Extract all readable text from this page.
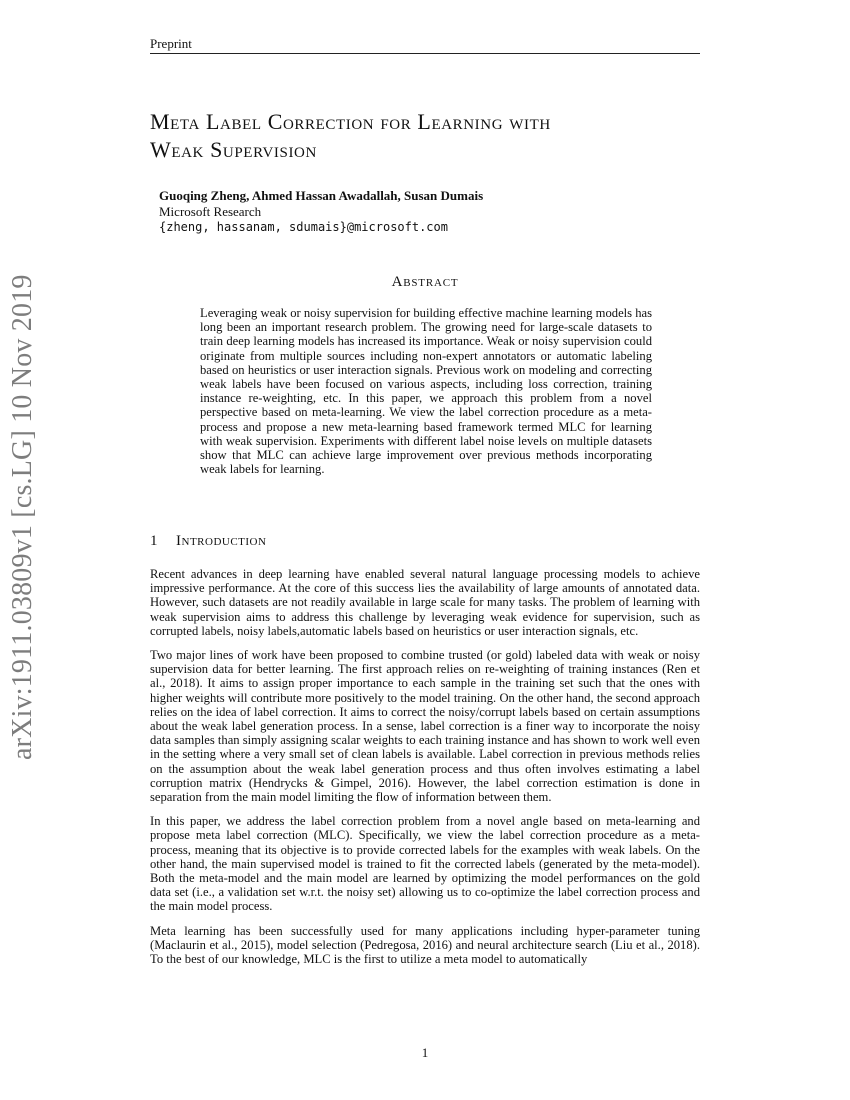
Preprint
arXiv:1911.03809v1 [cs.LG] 10 Nov 2019
Meta Label Correction for Learning with
Weak Supervision
Guoqing Zheng, Ahmed Hassan Awadallah, Susan Dumais
Microsoft Research
{zheng, hassanam, sdumais}@microsoft.com
Abstract

Leveraging weak or noisy supervision for building effective machine learning models has long been an important research problem. The growing need for large-scale datasets to train deep learning models has increased its importance. Weak or noisy supervision could originate from multiple sources including non-expert annotators or automatic labeling based on heuristics or user interaction signals. Previous work on modeling and correcting weak labels have been focused on various aspects, including loss correction, training instance re-weighting, etc. In this paper, we approach this problem from a novel perspective based on meta-learning. We view the label correction procedure as a meta-process and propose a new meta-learning based framework termed MLC for learning with weak supervision. Experiments with different label noise levels on multiple datasets show that MLC can achieve large improvement over previous methods incorporating weak labels for learning.

1 Introduction

Recent advances in deep learning have enabled several natural language processing models to achieve impressive performance. At the core of this success lies the availability of large amounts of annotated data. However, such datasets are not readily available in large scale for many tasks. The problem of learning with weak supervision aims to address this challenge by leveraging weak evidence for supervision, such as corrupted labels, noisy labels,automatic labels based on heuristics or user interaction signals, etc.

Two major lines of work have been proposed to combine trusted (or gold) labeled data with weak or noisy supervision data for better learning. The first approach relies on re-weighting of training instances (Ren et al., 2018). It aims to assign proper importance to each sample in the training set such that the ones with higher weights will contribute more positively to the model training. On the other hand, the second approach relies on the idea of label correction. It aims to correct the noisy/corrupt labels based on certain assumptions about the weak label generation process. In a sense, label correction is a finer way to incorporate the noisy data samples than simply assigning scalar weights to each training instance and has shown to work well even in the setting where a very small set of clean labels is available. Label correction in previous methods relies on the assumption about the weak label generation process and thus often involves estimating a label corruption matrix (Hendrycks & Gimpel, 2016). However, the label correction estimation is done in separation from the main model limiting the flow of information between them.

In this paper, we address the label correction problem from a novel angle based on meta-learning and propose meta label correction (MLC). Specifically, we view the label correction procedure as a meta-process, meaning that its objective is to provide corrected labels for the examples with weak labels. On the other hand, the main supervised model is trained to fit the corrected labels (generated by the meta-model). Both the meta-model and the main model are learned by optimizing the model performances on the gold data set (i.e., a validation set w.r.t. the noisy set) allowing us to co-optimize the label correction process and the main model process.

Meta learning has been successfully used for many applications including hyper-parameter tuning (Maclaurin et al., 2015), model selection (Pedregosa, 2016) and neural architecture search (Liu et al., 2018). To the best of our knowledge, MLC is the first to utilize a meta model to automatically

1
